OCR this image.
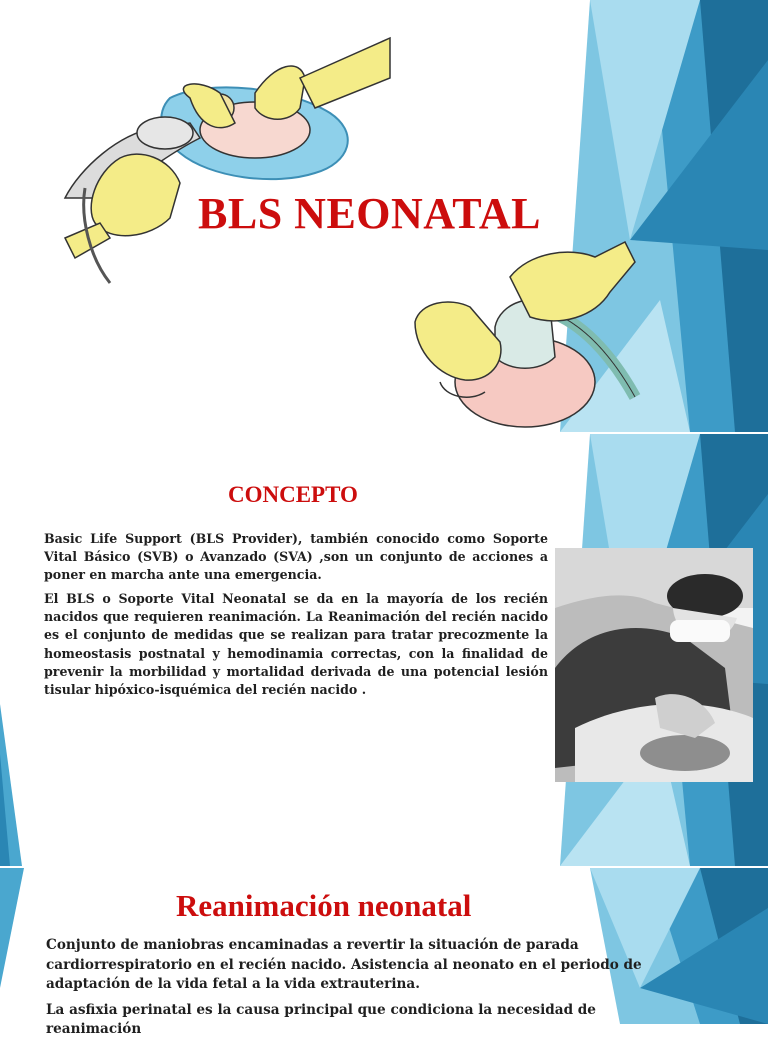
BLS NEONATAL
CONCEPTO

Basic Life Support (BLS Provider), también conocido como Soporte Vital Básico (SVB) o Avanzado (SVA) ,son un conjunto de acciones a poner en marcha ante una emergencia.

El BLS o Soporte Vital Neonatal se da en la mayoría de los recién nacidos que requieren reanimación. La Reanimación del recién nacido es el conjunto de medidas que se realizan para tratar precozmente la homeostasis postnatal y hemodinamia correctas, con la finalidad de prevenir la morbilidad y mortalidad derivada de una potencial lesión tisular hipóxico-isquémica del recién nacido .

Reanimación neonatal

Conjunto de maniobras encaminadas a revertir la situación de parada cardiorrespiratorio en el recién nacido. Asistencia al neonato en el periodo de adaptación de la vida fetal a la vida extrauterina.

La asfixia perinatal es la causa principal que condiciona la necesidad de reanimación
